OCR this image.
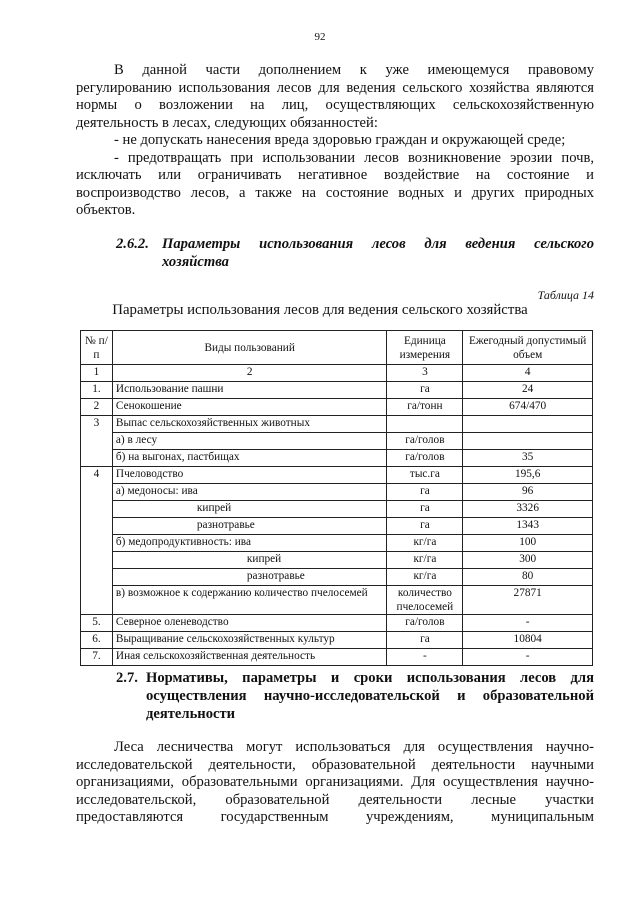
92
В данной части дополнением к уже имеющемуся правовому
регулированию использования лесов для ведения сельского хозяйства являются
нормы о возложении на лиц, осуществляющих сельскохозяйственную
деятельность в лесах, следующих обязанностей:
- не допускать нанесения вреда здоровью граждан и окружающей среде;
- предотвращать при использовании лесов возникновение эрозии почв,
исключать или ограничивать негативное воздействие на состояние и
воспроизводство лесов, а также на состояние водных и других природных
объектов.
2.6.2. Параметры использования лесов для ведения сельского
хозяйства
Таблица 14
Параметры использования лесов для ведения сельского хозяйства
№ п/п	Виды пользований	Единица измерения	Ежегодный допустимый объем
1	2	3	4
1.	Использование пашни	га	24
2	Сенокошение	га/тонн	674/470
3	Выпас сельскохозяйственных животных		
	а) в лесу	га/голов	
	б) на выгонах, пастбищах	га/голов	35
4	Пчеловодство	тыс.га	195,6
	а) медоносы: ива	га	96
	кипрей	га	3326
	разнотравье	га	1343
	б) медопродуктивность: ива	кг/га	100
	кипрей	кг/га	300
	разнотравье	кг/га	80
	в) возможное к содержанию количество пчелосемей	количество пчелосемей	27871
5.	Северное оленеводство	га/голов	-
6.	Выращивание сельскохозяйственных культур	га	10804
7.	Иная сельскохозяйственная деятельность	-	-
2.7. Нормативы, параметры и сроки использования лесов для осуществления научно-исследовательской и образовательной деятельности
Леса лесничества могут использоваться для осуществления научно-
исследовательской деятельности, образовательной деятельности научными
организациями, образовательными организациями. Для осуществления научно-
исследовательской, образовательной деятельности лесные участки
предоставляются государственным учреждениям, муниципальным
